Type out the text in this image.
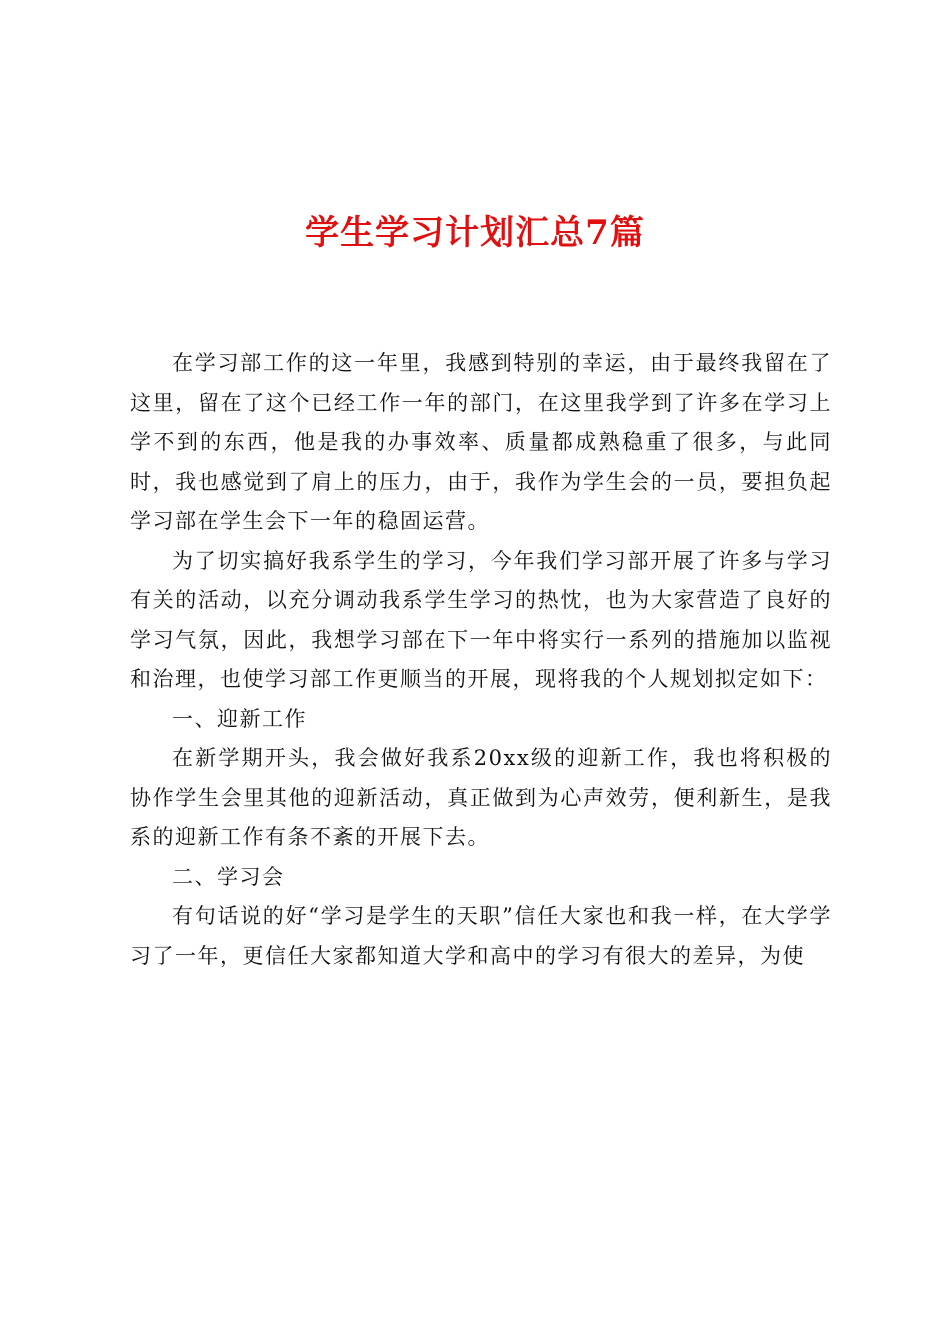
学生学习计划汇总7篇

在学习部工作的这一年里，我感到特别的幸运，由于最终我留在了这里，留在了这个已经工作一年的部门，在这里我学到了许多在学习上学不到的东西，他是我的办事效率、质量都成熟稳重了很多，与此同时，我也感觉到了肩上的压力，由于，我作为学生会的一员，要担负起学习部在学生会下一年的稳固运营。

为了切实搞好我系学生的学习，今年我们学习部开展了许多与学习有关的活动，以充分调动我系学生学习的热忱，也为大家营造了良好的学习气氛，因此，我想学习部在下一年中将实行一系列的措施加以监视和治理，也使学习部工作更顺当的开展，现将我的个人规划拟定如下：

一、迎新工作

在新学期开头，我会做好我系20xx级的迎新工作，我也将积极的协作学生会里其他的迎新活动，真正做到为心声效劳，便利新生，是我系的迎新工作有条不紊的开展下去。

二、学习会

有句话说的好“学习是学生的天职”信任大家也和我一样，在大学学习了一年，更信任大家都知道大学和高中的学习有很大的差异，为使
